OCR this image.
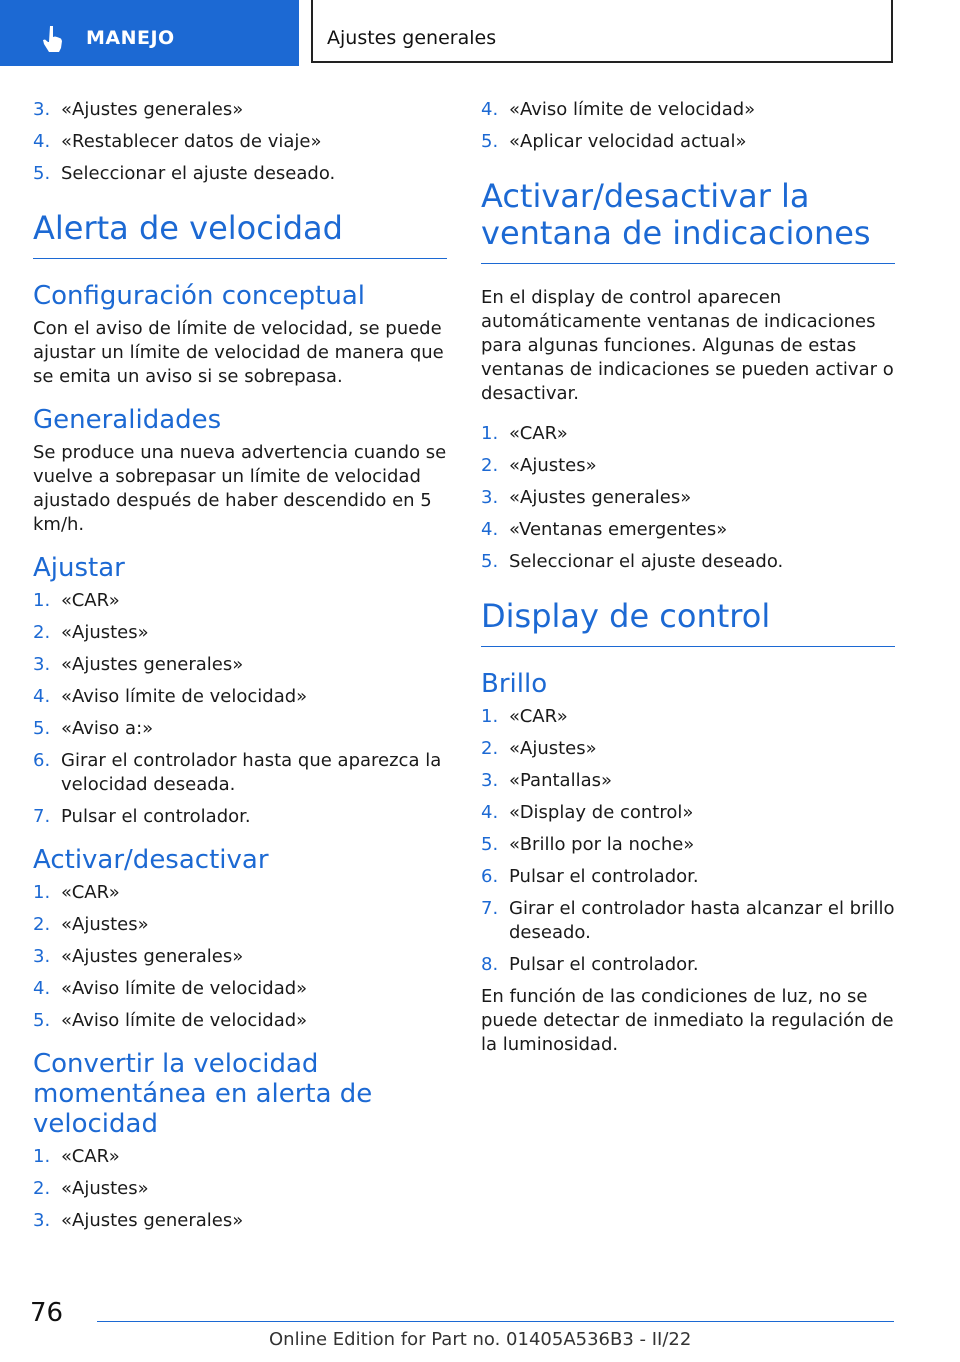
MANEJO	Ajustes generales
3. «Ajustes generales»
4. «Restablecer datos de viaje»
5. Seleccionar el ajuste deseado.
Alerta de velocidad
Configuración conceptual

Con el aviso de límite de velocidad, se puede ajustar un límite de velocidad de manera que se emita un aviso si se sobrepasa.

Generalidades

Se produce una nueva advertencia cuando se vuelve a sobrepasar un límite de velocidad ajustado después de haber descendido en 5 km/h.

Ajustar
1. «CAR»
2. «Ajustes»
3. «Ajustes generales»
4. «Aviso límite de velocidad»
5. «Aviso a:»
6. Girar el controlador hasta que aparezca la velocidad deseada.
7. Pulsar el controlador.
Activar/desactivar
1. «CAR»
2. «Ajustes»
3. «Ajustes generales»
4. «Aviso límite de velocidad»
5. «Aviso límite de velocidad»
Convertir la velocidad momentánea en alerta de velocidad
1. «CAR»
2. «Ajustes»
3. «Ajustes generales»
4. «Aviso límite de velocidad»
5. «Aplicar velocidad actual»
Activar/desactivar la ventana de indicaciones

En el display de control aparecen automáticamente ventanas de indicaciones para algunas funciones. Algunas de estas ventanas de indicaciones se pueden activar o desactivar.

1. «CAR»
2. «Ajustes»
3. «Ajustes generales»
4. «Ventanas emergentes»
5. Seleccionar el ajuste deseado.
Display de control
Brillo
1. «CAR»
2. «Ajustes»
3. «Pantallas»
4. «Display de control»
5. «Brillo por la noche»
6. Pulsar el controlador.
7. Girar el controlador hasta alcanzar el brillo deseado.
8. Pulsar el controlador.

En función de las condiciones de luz, no se puede detectar de inmediato la regulación de la luminosidad.

76
Online Edition for Part no. 01405A536B3 - II/22
